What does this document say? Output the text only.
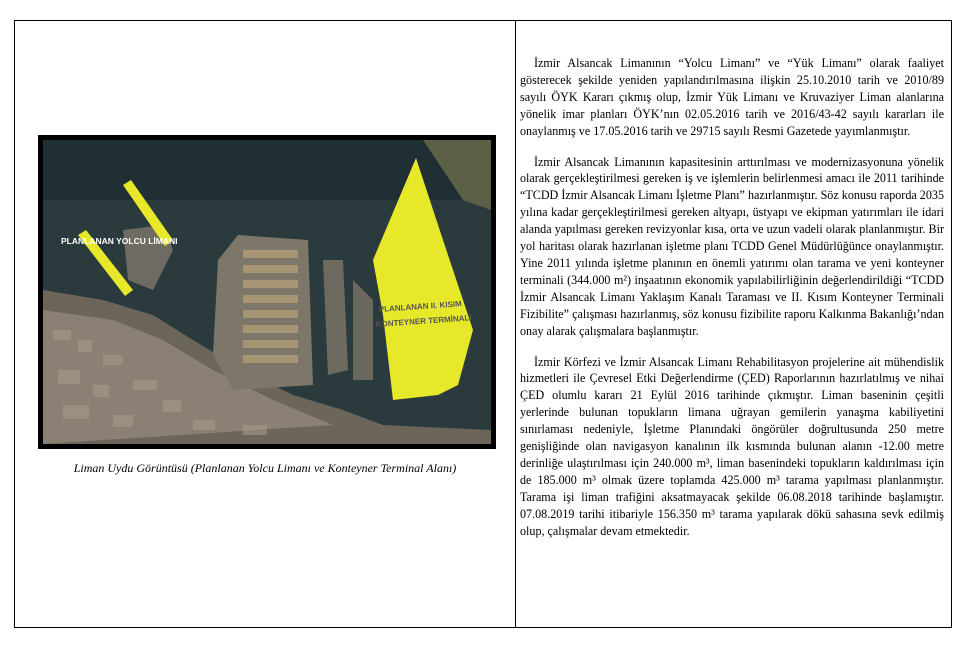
PLANLANAN YOLCU LİMANI
PLANLANAN II. KISIM
KONTEYNER TERMİNALİ
Liman Uydu Görüntüsü (Planlanan Yolcu Limanı ve Konteyner Terminal Alanı)

İzmir Alsancak Limanının “Yolcu Limanı” ve “Yük Limanı” olarak faaliyet gösterecek şekilde yeniden yapılandırılmasına ilişkin 25.10.2010 tarih ve 2010/89 sayılı ÖYK Kararı çıkmış olup, İzmir Yük Limanı ve Kruvaziyer Liman alanlarına yönelik imar planları ÖYK’nın 02.05.2016 tarih ve 2016/43-42 sayılı kararları ile onaylanmış ve 17.05.2016 tarih ve 29715 sayılı Resmi Gazetede yayımlanmıştır.

İzmir Alsancak Limanının kapasitesinin arttırılması ve modernizasyonuna yönelik olarak gerçekleştirilmesi gereken iş ve işlemlerin belirlenmesi amacı ile 2011 tarihinde “TCDD İzmir Alsancak Limanı İşletme Planı” hazırlanmıştır. Söz konusu raporda 2035 yılına kadar gerçekleştirilmesi gereken altyapı, üstyapı ve ekipman yatırımları ile idari alanda yapılması gereken revizyonlar kısa, orta ve uzun vadeli olarak planlanmıştır. Bir yol haritası olarak hazırlanan işletme planı TCDD Genel Müdürlüğünce onaylanmıştır. Yine 2011 yılında işletme planının en önemli yatırımı olan tarama ve yeni konteyner terminali (344.000 m²) inşaatının ekonomik yapılabilirliğinin değerlendirildiği “TCDD İzmir Alsancak Limanı Yaklaşım Kanalı Taraması ve II. Kısım Konteyner Terminali Fizibilite” çalışması hazırlanmış, söz konusu fizibilite raporu Kalkınma Bakanlığı’ndan onay alarak çalışmalara başlanmıştır.

İzmir Körfezi ve İzmir Alsancak Limanı Rehabilitasyon projelerine ait mühendislik hizmetleri ile Çevresel Etki Değerlendirme (ÇED) Raporlarının hazırlatılmış ve nihai ÇED olumlu kararı 21 Eylül 2016 tarihinde çıkmıştır. Liman baseninin çeşitli yerlerinde bulunan topukların limana uğrayan gemilerin yanaşma kabiliyetini sınırlaması nedeniyle, İşletme Planındaki öngörüler doğrultusunda 250 metre genişliğinde olan navigasyon kanalının ilk kısmında bulunan alanın -12.00 metre derinliğe ulaştırılması için 240.000 m³, liman basenindeki topukların kaldırılması için de 185.000 m³ olmak üzere toplamda 425.000 m³ tarama yapılması planlanmıştır. Tarama işi liman trafiğini aksatmayacak şekilde 06.08.2018 tarihinde başlamıştır. 07.08.2019 tarihi itibariyle 156.350 m³ tarama yapılarak dökü sahasına sevk edilmiş olup, çalışmalar devam etmektedir.
